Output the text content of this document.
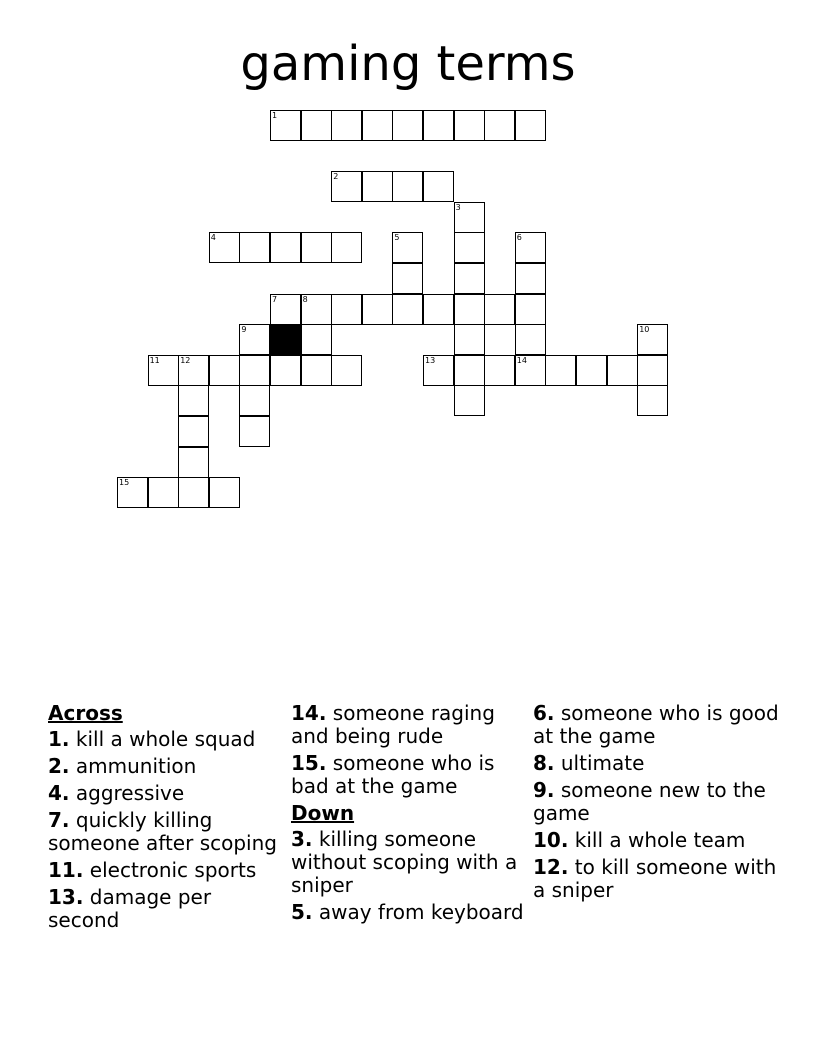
gaming terms
1
2
3
4	5	6
7	8
9	10
11	12	13	14
15
Across
1. kill a whole squad
2. ammunition
4. aggressive
7. quickly killing someone after scoping
11. electronic sports
13. damage per second
14. someone raging and being rude
15. someone who is bad at the game
Down
3. killing someone without scoping with a sniper
5. away from keyboard
6. someone who is good at the game
8. ultimate
9. someone new to the game
10. kill a whole team
12. to kill someone with a sniper
